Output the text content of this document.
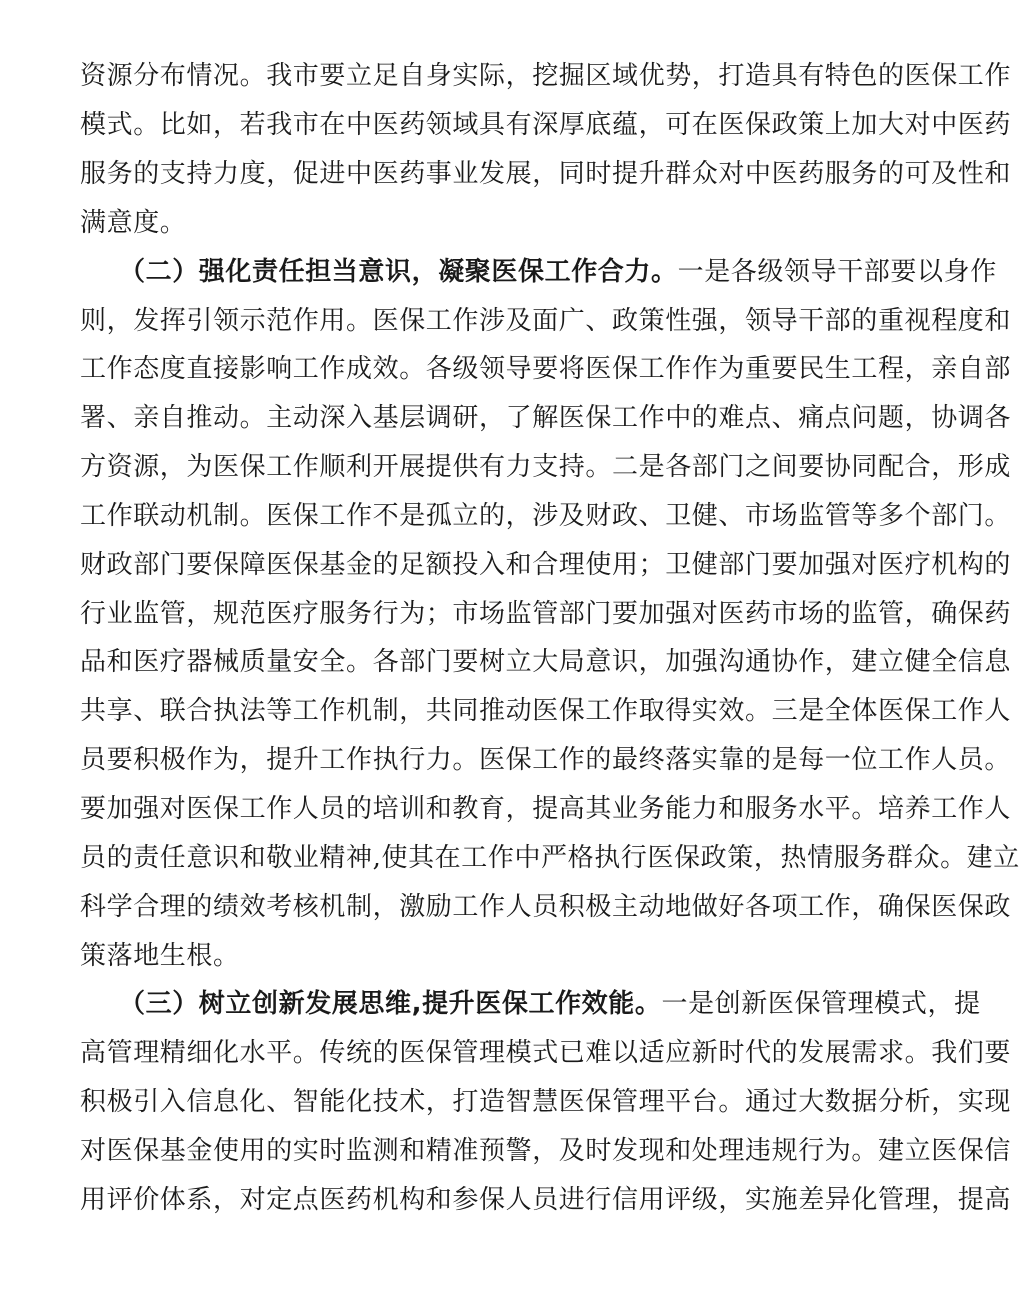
资源分布情况。我市要立足自身实际，挖掘区域优势，打造具有特色的医保工作
模式。比如，若我市在中医药领域具有深厚底蕴，可在医保政策上加大对中医药
服务的支持力度，促进中医药事业发展，同时提升群众对中医药服务的可及性和
满意度。
（二）强化责任担当意识，凝聚医保工作合力。一是各级领导干部要以身作
则，发挥引领示范作用。医保工作涉及面广、政策性强，领导干部的重视程度和
工作态度直接影响工作成效。各级领导要将医保工作作为重要民生工程，亲自部
署、亲自推动。主动深入基层调研，了解医保工作中的难点、痛点问题，协调各
方资源，为医保工作顺利开展提供有力支持。二是各部门之间要协同配合，形成
工作联动机制。医保工作不是孤立的，涉及财政、卫健、市场监管等多个部门。
财政部门要保障医保基金的足额投入和合理使用；卫健部门要加强对医疗机构的
行业监管，规范医疗服务行为；市场监管部门要加强对医药市场的监管，确保药
品和医疗器械质量安全。各部门要树立大局意识，加强沟通协作，建立健全信息
共享、联合执法等工作机制，共同推动医保工作取得实效。三是全体医保工作人
员要积极作为，提升工作执行力。医保工作的最终落实靠的是每一位工作人员。
要加强对医保工作人员的培训和教育，提高其业务能力和服务水平。培养工作人
员的责任意识和敬业精神,使其在工作中严格执行医保政策，热情服务群众。建立
科学合理的绩效考核机制，激励工作人员积极主动地做好各项工作，确保医保政
策落地生根。
（三）树立创新发展思维,提升医保工作效能。一是创新医保管理模式，提
高管理精细化水平。传统的医保管理模式已难以适应新时代的发展需求。我们要
积极引入信息化、智能化技术，打造智慧医保管理平台。通过大数据分析，实现
对医保基金使用的实时监测和精准预警，及时发现和处理违规行为。建立医保信
用评价体系，对定点医药机构和参保人员进行信用评级，实施差异化管理，提高
